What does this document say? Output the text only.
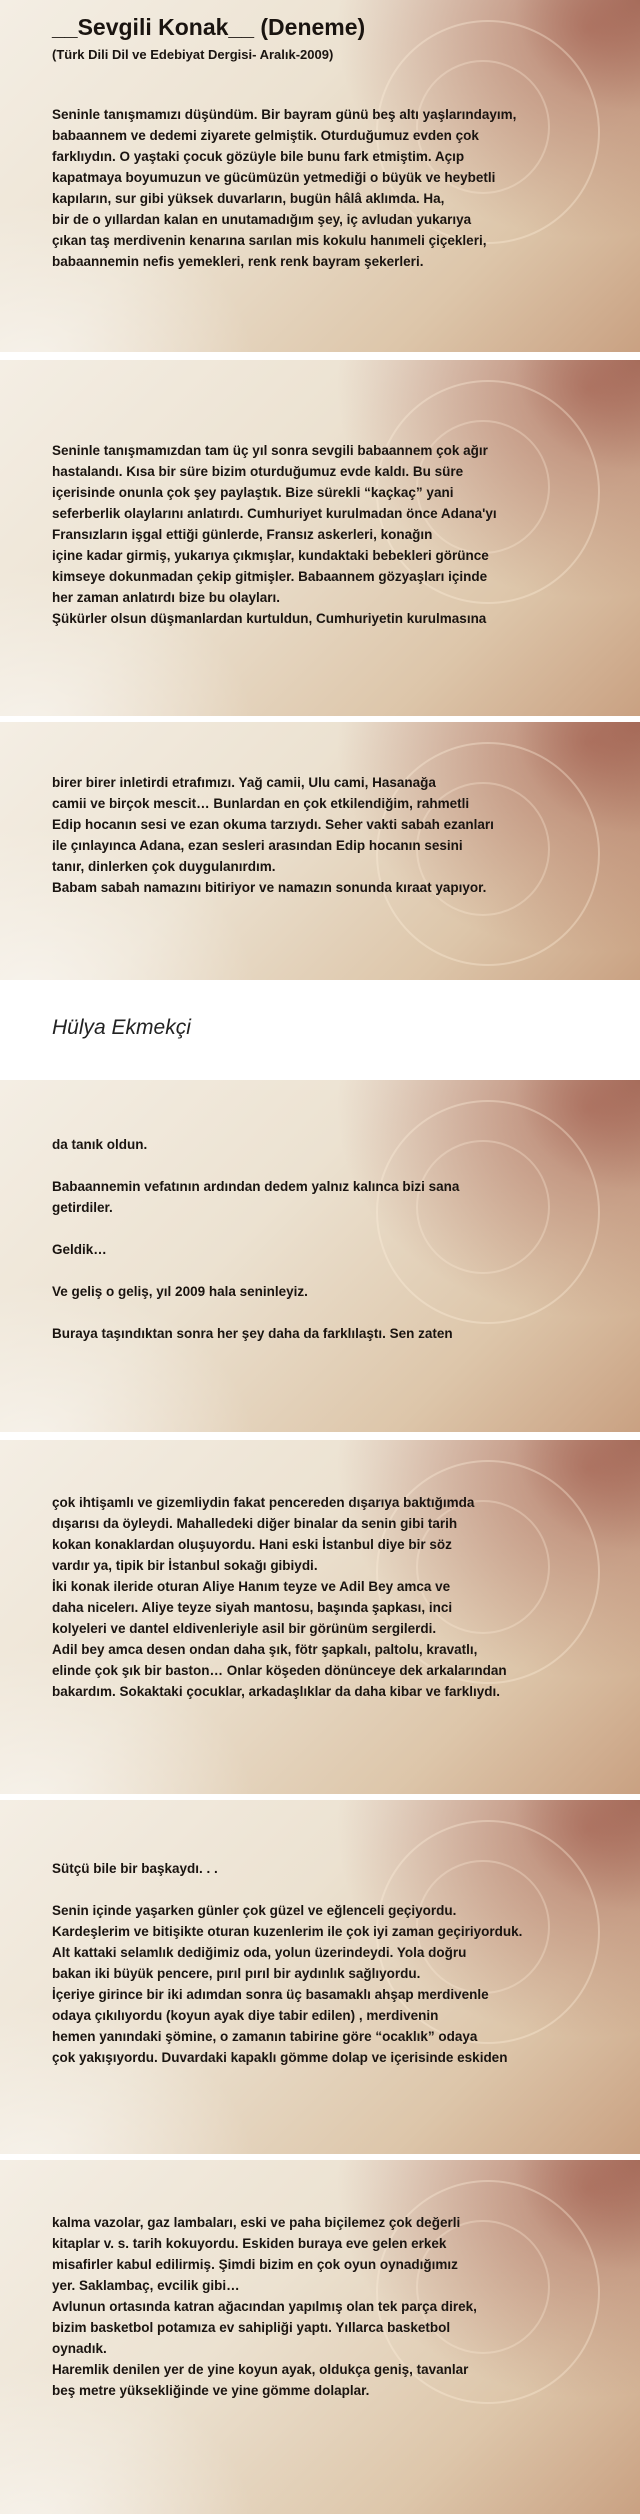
__Sevgili Konak__ (Deneme)

(Türk Dili Dil ve Edebiyat Dergisi- Aralık-2009)

Seninle tanışmamızı düşündüm. Bir bayram günü beş altı yaşlarındayım,
babaannem ve dedemi ziyarete gelmiştik. Oturduğumuz evden çok
farklıydın. O yaştaki çocuk gözüyle bile bunu fark etmiştim. Açıp
kapatmaya boyumuzun ve gücümüzün yetmediği o büyük ve heybetli
kapıların, sur gibi yüksek duvarların, bugün hâlâ aklımda. Ha,
bir de o yıllardan kalan en unutamadığım şey, iç avludan yukarıya
çıkan taş merdivenin kenarına sarılan mis kokulu hanımeli çiçekleri,
babaannemin nefis yemekleri, renk renk bayram şekerleri.

Seninle tanışmamızdan tam üç yıl sonra sevgili babaannem çok ağır
hastalandı. Kısa bir süre bizim oturduğumuz evde kaldı. Bu süre
içerisinde onunla çok şey paylaştık. Bize sürekli “kaçkaç” yani
seferberlik olaylarını anlatırdı. Cumhuriyet kurulmadan önce Adana'yı
Fransızların işgal ettiği günlerde, Fransız askerleri, konağın
içine kadar girmiş, yukarıya çıkmışlar, kundaktaki bebekleri görünce
kimseye dokunmadan çekip gitmişler. Babaannem gözyaşları içinde
her zaman anlatırdı bize bu olayları.
Şükürler olsun düşmanlardan kurtuldun, Cumhuriyetin kurulmasına

birer birer inletirdi etrafımızı. Yağ camii, Ulu cami, Hasanağa
camii ve birçok mescit… Bunlardan en çok etkilendiğim, rahmetli
Edip hocanın sesi ve ezan okuma tarzıydı. Seher vakti sabah ezanları
ile çınlayınca Adana, ezan sesleri arasından Edip hocanın sesini
tanır, dinlerken çok duygulanırdım.
Babam sabah namazını bitiriyor ve namazın sonunda kıraat yapıyor.

Hülya Ekmekçi

da tanık oldun.

Babaannemin vefatının ardından dedem yalnız kalınca bizi sana
getirdiler.

Geldik…

Ve geliş o geliş, yıl 2009 hala seninleyiz.

Buraya taşındıktan sonra her şey daha da farklılaştı. Sen zaten

çok ihtişamlı ve gizemliydin fakat pencereden dışarıya baktığımda
dışarısı da öyleydi. Mahalledeki diğer binalar da senin gibi tarih
kokan konaklardan oluşuyordu. Hani eski İstanbul diye bir söz
vardır ya, tipik bir İstanbul sokağı gibiydi.
İki konak ileride oturan Aliye Hanım teyze ve Adil Bey amca ve
daha nicelerı. Aliye teyze siyah mantosu, başında şapkası, inci
kolyeleri ve dantel eldivenleriyle asil bir görünüm sergilerdi.
Adil bey amca desen ondan daha şık, fötr şapkalı, paltolu, kravatlı,
elinde çok şık bir baston… Onlar köşeden dönünceye dek arkalarından
bakardım. Sokaktaki çocuklar, arkadaşlıklar da daha kibar ve farklıydı.

Sütçü bile bir başkaydı. . .

Senin içinde yaşarken günler çok güzel ve eğlenceli geçiyordu.
Kardeşlerim ve bitişikte oturan kuzenlerim ile çok iyi zaman geçiriyorduk.
Alt kattaki selamlık dediğimiz oda, yolun üzerindeydi. Yola doğru
bakan iki büyük pencere, pırıl pırıl bir aydınlık sağlıyordu.
İçeriye girince bir iki adımdan sonra üç basamaklı ahşap merdivenle
odaya çıkılıyordu (koyun ayak diye tabir edilen) , merdivenin
hemen yanındaki şömine, o zamanın tabirine göre “ocaklık” odaya
çok yakışıyordu. Duvardaki kapaklı gömme dolap ve içerisinde eskiden

kalma vazolar, gaz lambaları, eski ve paha biçilemez çok değerli
kitaplar v. s. tarih kokuyordu. Eskiden buraya eve gelen erkek
misafirler kabul edilirmiş. Şimdi bizim en çok oyun oynadığımız
yer. Saklambaç, evcilik gibi…
Avlunun ortasında katran ağacından yapılmış olan tek parça direk,
bizim basketbol potamıza ev sahipliği yaptı. Yıllarca basketbol
oynadık.
Haremlik denilen yer de yine koyun ayak, oldukça geniş, tavanlar
beş metre yüksekliğinde ve yine gömme dolaplar.
